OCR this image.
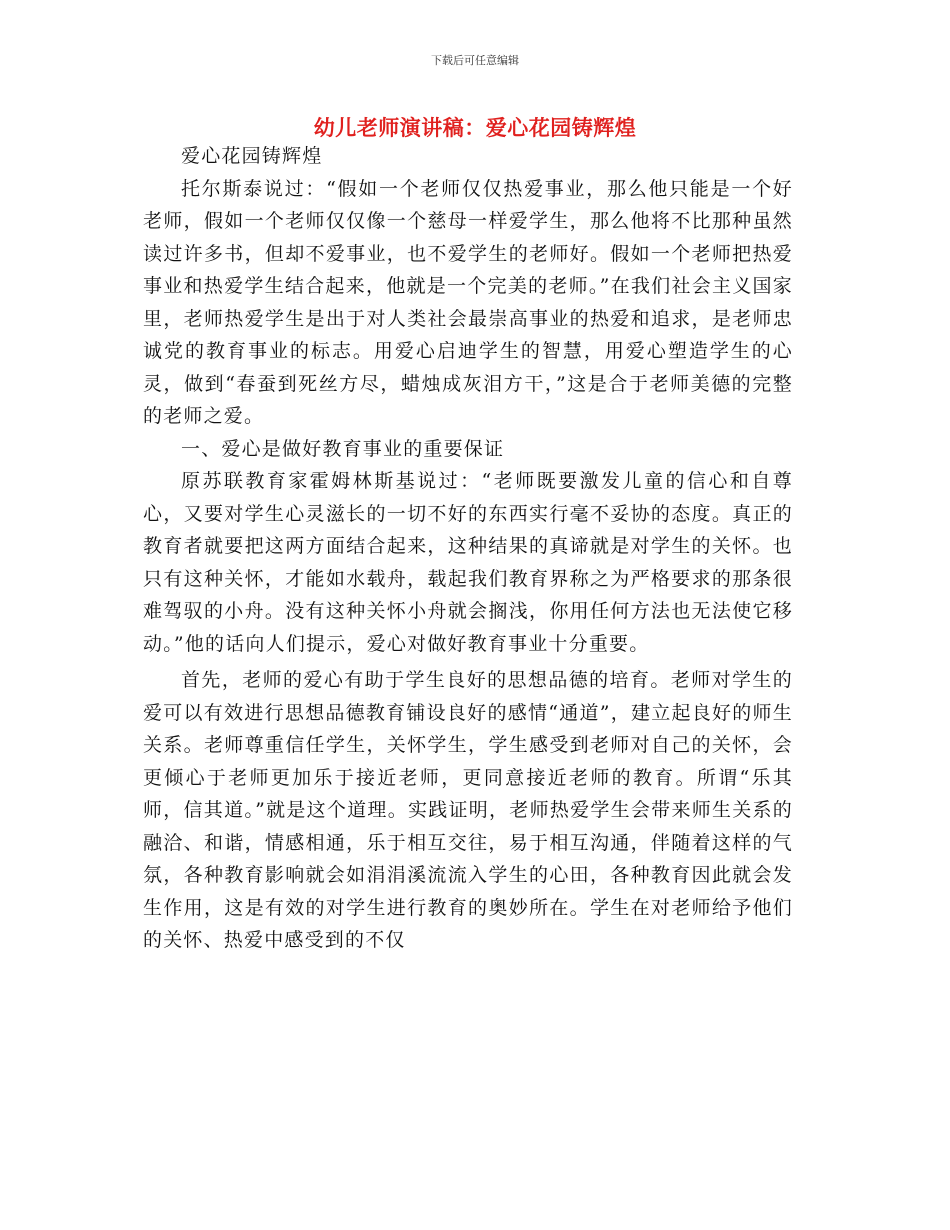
下载后可任意编辑
幼儿老师演讲稿：爱心花园铸辉煌

爱心花园铸辉煌

托尔斯泰说过：“假如一个老师仅仅热爱事业，那么他只能是一个好老师，假如一个老师仅仅像一个慈母一样爱学生，那么他将不比那种虽然读过许多书，但却不爱事业，也不爱学生的老师好。假如一个老师把热爱事业和热爱学生结合起来，他就是一个完美的老师。”在我们社会主义国家里，老师热爱学生是出于对人类社会最崇高事业的热爱和追求，是老师忠诚党的教育事业的标志。用爱心启迪学生的智慧，用爱心塑造学生的心灵，做到“春蚕到死丝方尽，蜡烛成灰泪方干，”这是合于老师美德的完整的老师之爱。

一、爱心是做好教育事业的重要保证

原苏联教育家霍姆林斯基说过：“老师既要激发儿童的信心和自尊心，又要对学生心灵滋长的一切不好的东西实行毫不妥协的态度。真正的教育者就要把这两方面结合起来，这种结果的真谛就是对学生的关怀。也只有这种关怀，才能如水载舟，载起我们教育界称之为严格要求的那条很难驾驭的小舟。没有这种关怀小舟就会搁浅，你用任何方法也无法使它移动。”他的话向人们提示，爱心对做好教育事业十分重要。

首先，老师的爱心有助于学生良好的思想品德的培育。老师对学生的爱可以有效进行思想品德教育铺设良好的感情“通道”，建立起良好的师生关系。老师尊重信任学生，关怀学生，学生感受到老师对自己的关怀，会更倾心于老师更加乐于接近老师，更同意接近老师的教育。所谓“乐其师，信其道。”就是这个道理。实践证明，老师热爱学生会带来师生关系的融洽、和谐，情感相通，乐于相互交往，易于相互沟通，伴随着这样的气氛，各种教育影响就会如涓涓溪流流入学生的心田，各种教育因此就会发生作用，这是有效的对学生进行教育的奥妙所在。学生在对老师给予他们的关怀、热爱中感受到的不仅
